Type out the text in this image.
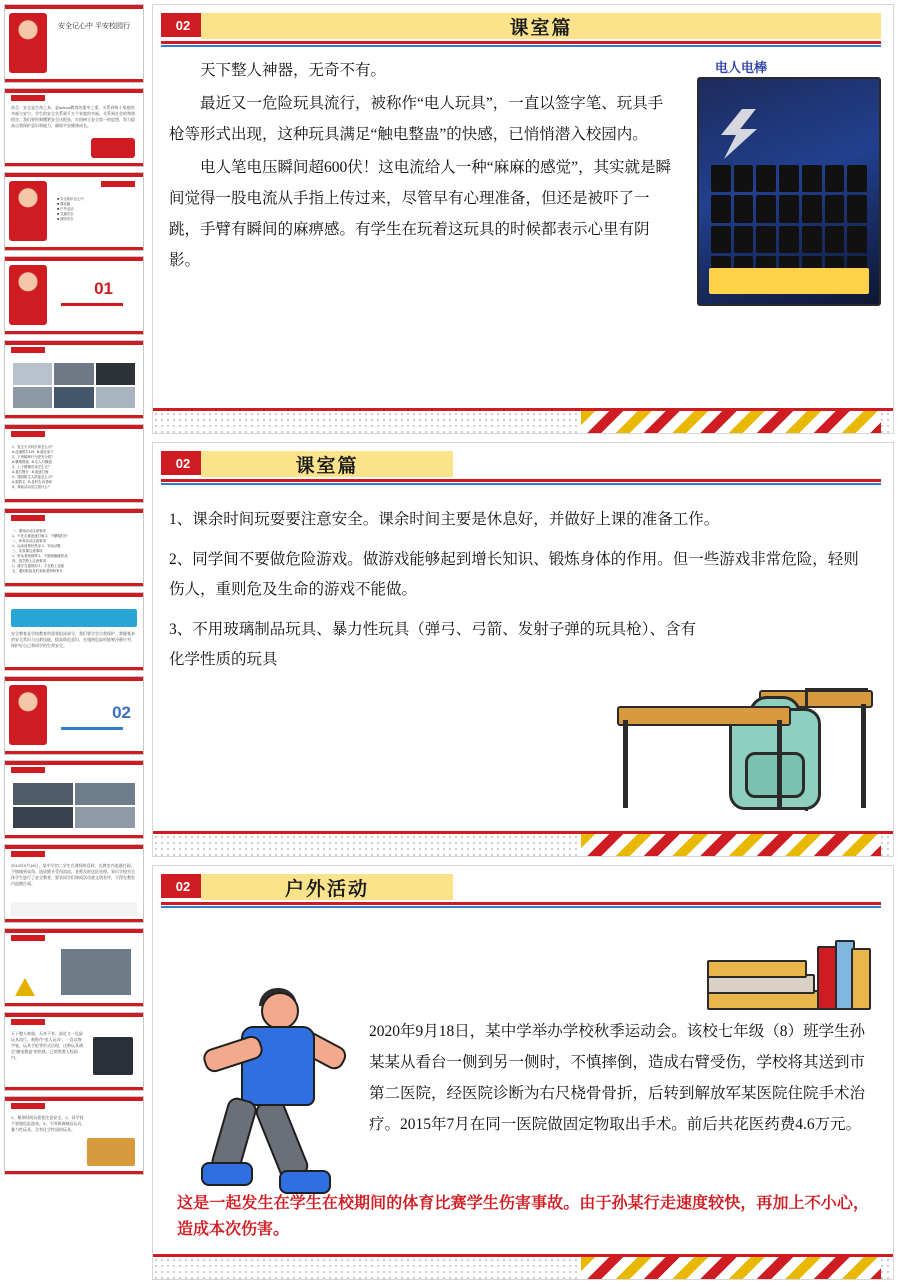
安全记心中 平安校园行
前言：安全是生命之本，是school教育的重中之重，关系到每个家庭的幸福与安宁。学生的安全关系到千万个家庭的幸福，关系到社会的和谐稳定。我们要时刻绷紧安全这根弦，牢固树立安全第一的思想，努力提高自我保护意识和能力，确保平安健康成长。
■ 安全知识记心中
■ 课室篇
■ 户外活动
■ 交通安全
■ 消防安全
01
1、发生火灾时应该怎么办？
A.迅速拨打119   B.躲在床下
2、下列哪种行为是安全的？
A.攀爬围墙   B.走人行横道
3、上下楼梯应该怎么走？
A.靠右慢行   B.追逐打闹
4、遇到陌生人搭讪怎么办？
A.跟着走   B.及时告诉老师
5、课间活动应注意什么？
一、课间活动注意事项
1、不在走廊追逐打闹 2、不攀爬栏杆
二、体育活动注意事项
1、运动前做好热身 2、穿运动鞋
三、实验课注意事项
1、听从老师指挥 2、不随意触碰药品
四、放学路上注意事项
1、遵守交通规则 2、不在路上逗留
五、遇到危险及时求助老师和家长
安全教育是学校教育的重要组成部分，我们要学会自我保护，掌握基本的安全常识与自救技能，提高防范意识，在遇到危险时能够冷静应对，保护好自己和同学的生命安全。
02
2014年9月18日，某中学初二学生在课间休息时，在教室内追逐打闹，不慎撞到桌角，造成额头受伤流血，老师及时送医处理。事后学校对全体学生进行了安全教育，要求同学们课间活动要文明有序，不得在教室内追跑打闹。
天下整人神器，无奇不有。最近又一危险玩具流行，被称作“电人玩具”，一直以签字笔、玩具手枪等形式出现，这种玩具满足“触电整蛊”的快感，已悄悄潜入校园内。
1、课余时间玩耍要注意安全。2、同学间不要做危险游戏。3、不用玻璃制品玩具、暴力性玩具、含有化学性质的玩具。
02	课室篇

天下整人神器，无奇不有。

最近又一危险玩具流行，被称作“电人玩具”，一直以签字笔、玩具手枪等形式出现，这种玩具满足“触电整蛊”的快感，已悄悄潜入校园内。

电人笔电压瞬间超600伏！这电流给人一种“麻麻的感觉”，其实就是瞬间觉得一股电流从手指上传过来，尽管早有心理准备，但还是被吓了一跳，手臂有瞬间的麻痹感。有学生在玩着这玩具的时候都表示心里有阴影。

电人电棒
02	课室篇

1、课余时间玩耍要注意安全。课余时间主要是休息好，并做好上课的准备工作。

2、同学间不要做危险游戏。做游戏能够起到增长知识、锻炼身体的作用。但一些游戏非常危险，轻则伤人，重则危及生命的游戏不能做。

3、不用玻璃制品玩具、暴力性玩具（弹弓、弓箭、发射子弹的玩具枪）、含有化学性质的玩具

02	户外活动
2020年9月18日，某中学举办学校秋季运动会。该校七年级（8）班学生孙某某从看台一侧到另一侧时，不慎摔倒，造成右臂受伤，学校将其送到市第二医院，经医院诊断为右尺桡骨骨折，后转到解放军某医院住院手术治疗。2015年7月在同一医院做固定物取出手术。前后共花医药费4.6万元。
这是一起发生在学生在校期间的体育比赛学生伤害事故。由于孙某行走速度较快，再加上不小心，造成本次伤害。
